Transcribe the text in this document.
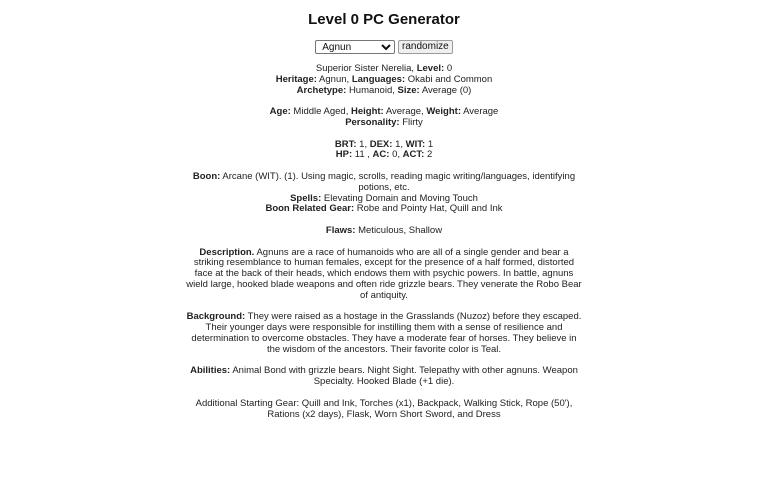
Level 0 PC Generator
Agnun randomize

Superior Sister Nerelia, Level: 0
Heritage: Agnun, Languages: Okabi and Common
Archetype: Humanoid, Size: Average (0)

Age: Middle Aged, Height: Average, Weight: Average
Personality: Flirty

BRT: 1, DEX: 1, WIT: 1
HP: 11 , AC: 0, ACT: 2

Boon: Arcane (WIT). (1). Using magic, scrolls, reading magic writing/languages, identifying potions, etc.
Spells: Elevating Domain and Moving Touch
Boon Related Gear: Robe and Pointy Hat, Quill and Ink

Flaws: Meticulous, Shallow

Description. Agnuns are a race of humanoids who are all of a single gender and bear a striking resemblance to human females, except for the presence of a half formed, distorted face at the back of their heads, which endows them with psychic powers. In battle, agnuns wield large, hooked blade weapons and often ride grizzle bears. They venerate the Robo Bear of antiquity.

Background: They were raised as a hostage in the Grasslands (Nuzoz) before they escaped. Their younger days were responsible for instilling them with a sense of resilience and determination to overcome obstacles. They have a moderate fear of horses. They believe in the wisdom of the ancestors. Their favorite color is Teal.

Abilities: Animal Bond with grizzle bears. Night Sight. Telepathy with other agnuns. Weapon Specialty. Hooked Blade (+1 die).

Additional Starting Gear: Quill and Ink, Torches (x1), Backpack, Walking Stick, Rope (50'), Rations (x2 days), Flask, Worn Short Sword, and Dress
